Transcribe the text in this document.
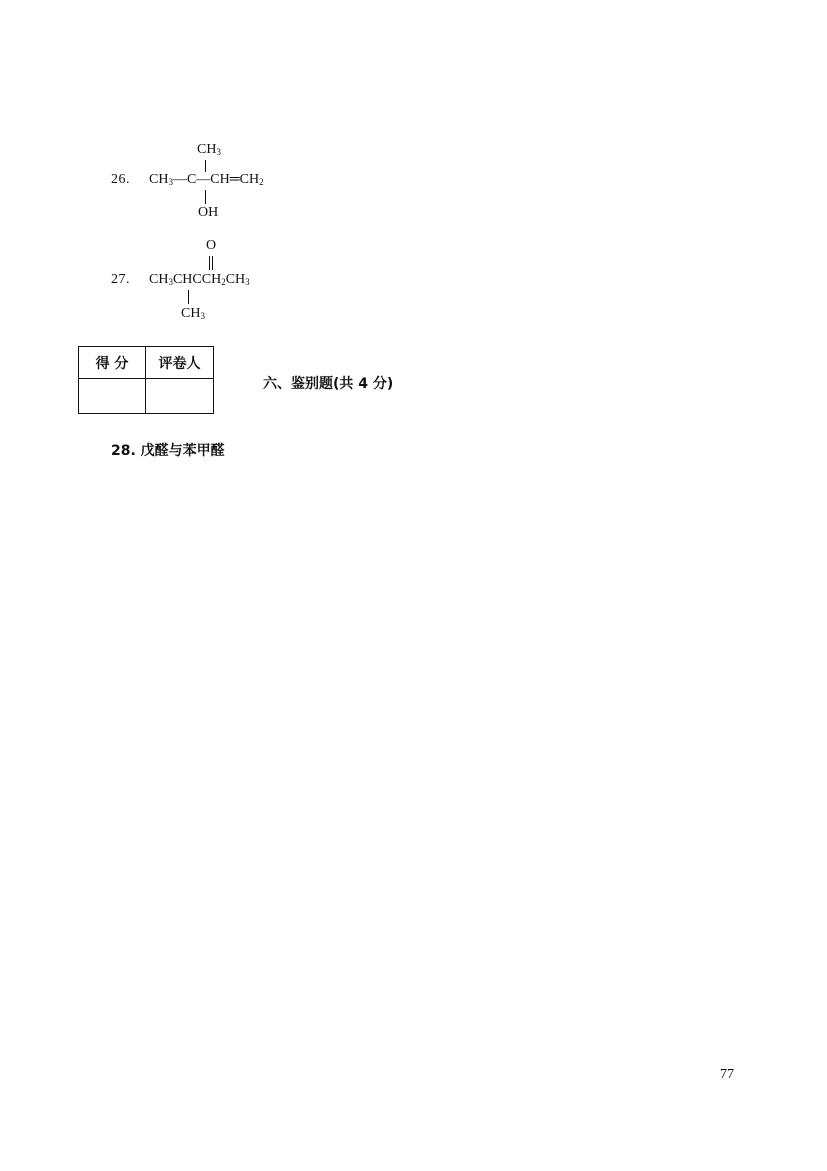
$CH_3$
26. $CH_3—C—CH═CH_2$
OH
O
27. $CH_3CHCCH_2CH_3$
$CH_3$
得 分	评卷人
六、鉴别题(共 4 分)
28. 戊醛与苯甲醛
77
